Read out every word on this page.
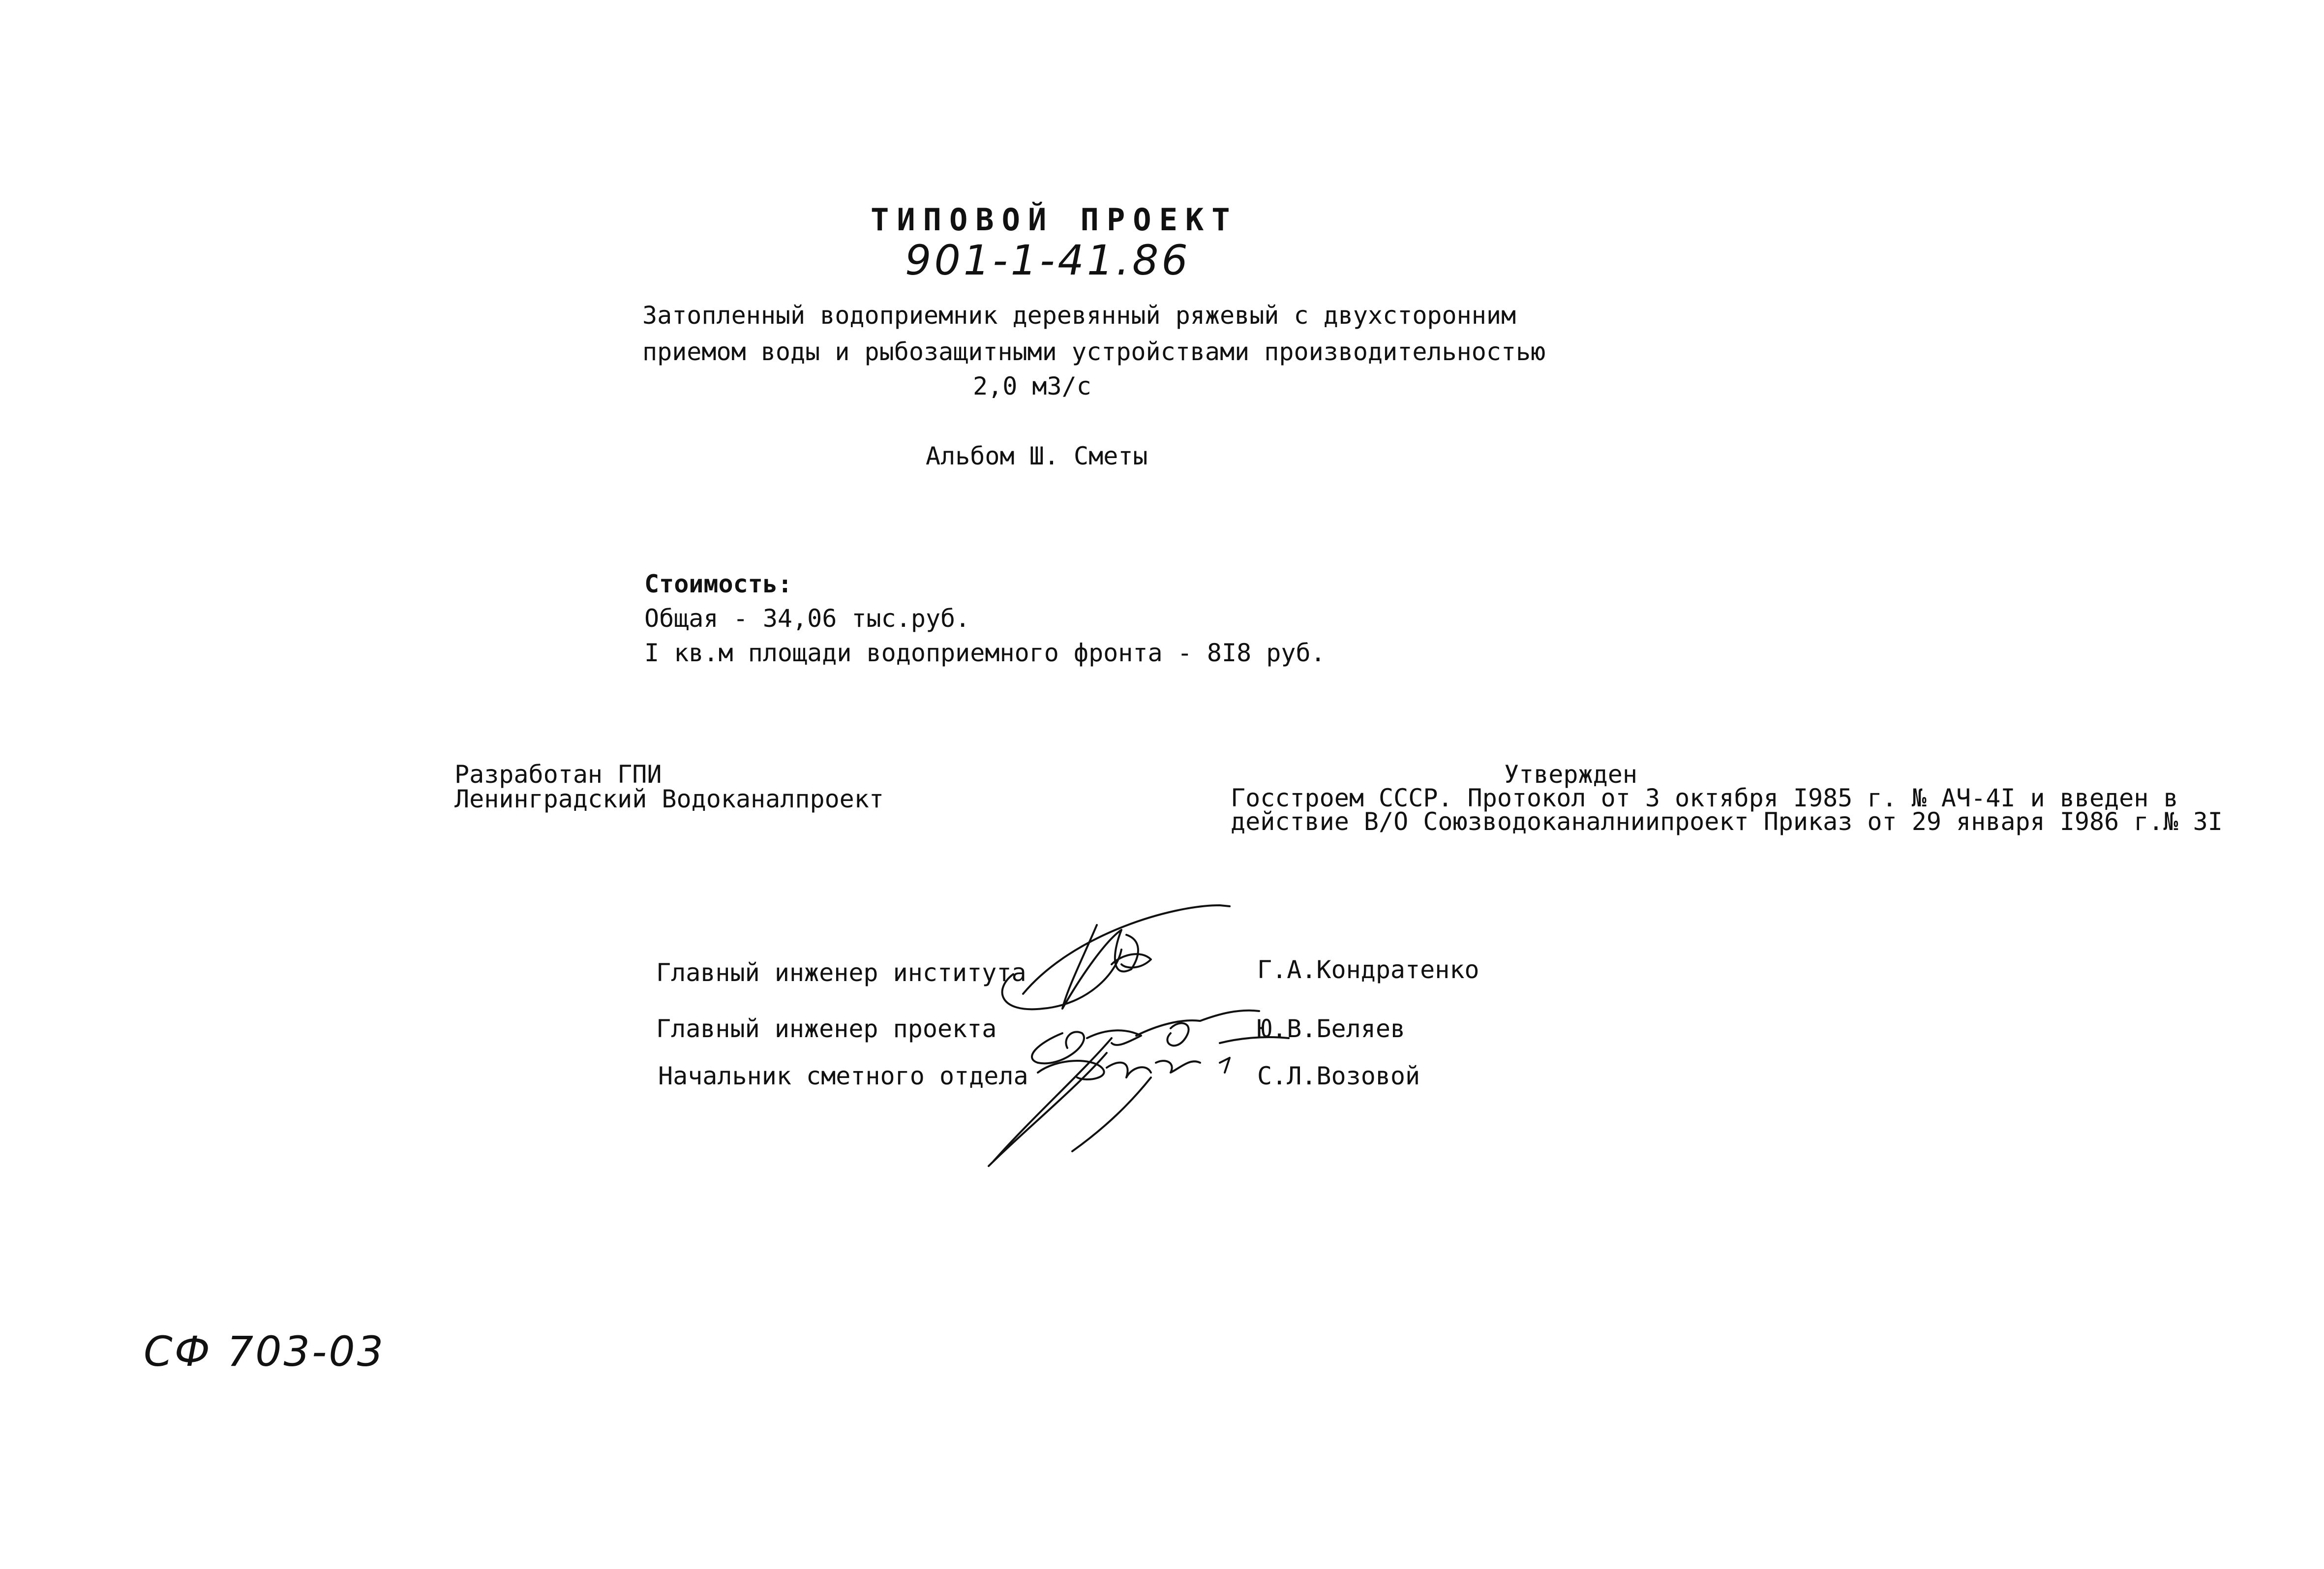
ТИПОВОЙ ПРОЕКТ
901-1-41.86
Затопленный водоприемник деревянный ряжевый с двухсторонним
приемом воды и рыбозащитными устройствами производительностью
2,0 м3/с
Альбом Ш. Сметы
Стоимость:
Общая - 34,06 тыс.руб.
I кв.м площади водоприемного фронта - 8I8 руб.
Разработан ГПИ
Ленинградский Водоканалпроект
Утвержден
Госстроем СССР. Протокол от 3 октября I985 г. № АЧ-4I и введен в
действие В/О Союзводоканалниипроект Приказ от 29 января I986 г.№ 3I
Главный инженер института
Главный инженер проекта
Начальник сметного отдела
Г.А.Кондратенко
Ю.В.Беляев
С.Л.Возовой
СФ 703-03
